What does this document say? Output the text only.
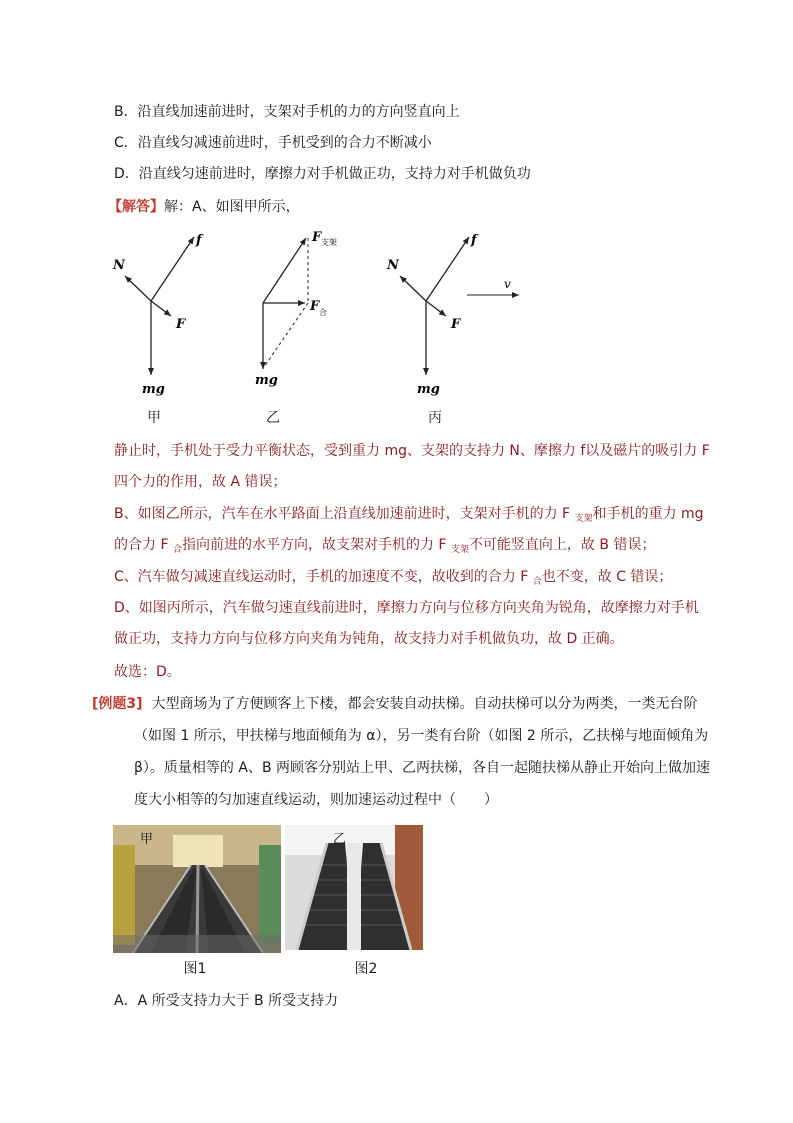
B．沿直线加速前进时，支架对手机的力的方向竖直向上
C．沿直线匀减速前进时，手机受到的合力不断减小
D．沿直线匀速前进时，摩擦力对手机做正功，支持力对手机做负功
【解答】解：A、如图甲所示，
f
N
F
mg
F 支架
F 合
mg
f
N
F
v
mg
甲	乙	丙
静止时，手机处于受力平衡状态，受到重力 mg、支架的支持力 N、摩擦力 f以及磁片的吸引力 F
四个力的作用，故 A 错误；
B、如图乙所示，汽车在水平路面上沿直线加速前进时，支架对手机的力 F $_{支架}$和手机的重力 mg
的合力 F $_合$指向前进的水平方向，故支架对手机的力 F $_{支架}$不可能竖直向上，故 B 错误；
C、汽车做匀减速直线运动时，手机的加速度不变，故收到的合力 F $_合$也不变，故 C 错误；
D、如图丙所示，汽车做匀速直线前进时，摩擦力方向与位移方向夹角为锐角，故摩擦力对手机
做正功，支持力方向与位移方向夹角为钝角，故支持力对手机做负功，故 D 正确。
故选：D。
[例题3] 大型商场为了方便顾客上下楼，都会安装自动扶梯。自动扶梯可以分为两类，一类无台阶
（如图 1 所示，甲扶梯与地面倾角为 α），另一类有台阶（如图 2 所示，乙扶梯与地面倾角为
β）。质量相等的 A、B 两顾客分别站上甲、乙两扶梯，各自一起随扶梯从静止开始向上做加速
度大小相等的匀加速直线运动，则加速运动过程中（　　）
甲	乙
图1	图2
A．A 所受支持力大于 B 所受支持力
